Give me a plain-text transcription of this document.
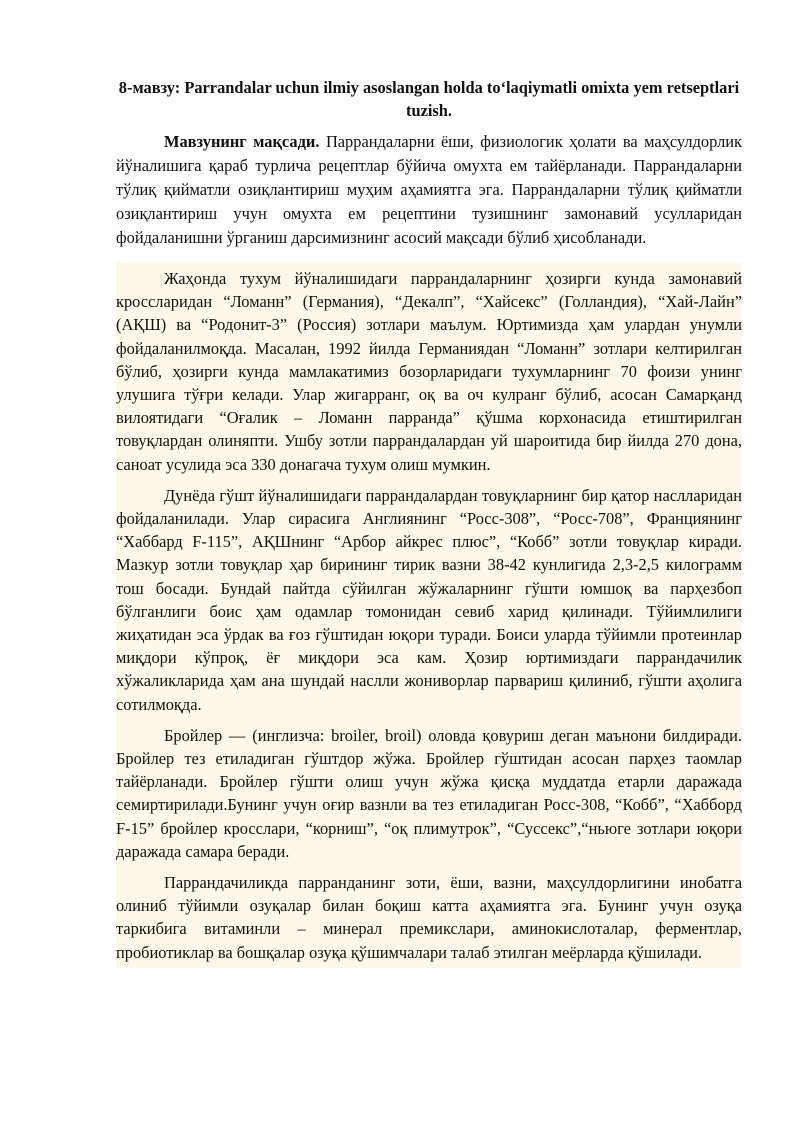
8-мавзу: Parrandalar uchun ilmiy asoslangan holda to‘laqiymatli omixta yem retseptlari tuzish.

Мавзунинг мақсади. Паррандаларни ёши, физиологик ҳолати ва маҳсулдорлик йўналишига қараб турлича рецептлар бўйича омухта ем тайёрланади. Паррандаларни тўлиқ қийматли озиқлантириш муҳим аҳамиятга эга. Паррандаларни тўлиқ қийматли озиқлантириш учун омухта ем рецептини тузишнинг замонавий усулларидан фойдаланишни ўрганиш дарсимизнинг асосий мақсади бўлиб ҳисобланади.

Жаҳонда тухум йўналишидаги паррандаларнинг ҳозирги кунда замонавий кроссларидан “Ломанн” (Германия), “Декалп”, “Хайсекс” (Голландия), “Хай-Лайн” (АҚШ) ва “Родонит-3” (Россия) зотлари маълум. Юртимизда ҳам улардан унумли фойдаланилмоқда. Масалан, 1992 йилда Германиядан “Ломанн” зотлари келтирилган бўлиб, ҳозирги кунда мамлакатимиз бозорларидаги тухумларнинг 70 фоизи унинг улушига тўғри келади. Улар жигарранг, оқ ва оч кулранг бўлиб, асосан Самарқанд вилоятидаги “Оғалик – Ломанн парранда” қўшма корхонасида етиштирилган товуқлардан олиняпти. Ушбу зотли паррандалардан уй шароитида бир йилда 270 дона, саноат усулида эса 330 донагача тухум олиш мумкин.

Дунёда гўшт йўналишидаги паррандалардан товуқларнинг бир қатор наслларидан фойдаланилади. Улар сирасига Англиянинг “Росс-308”, “Росс-708”, Франциянинг “Хаббард F-115”, АҚШнинг “Арбор айкрес плюс”, “Кобб” зотли товуқлар киради. Мазкур зотли товуқлар ҳар бирининг тирик вазни 38-42 кунлигида 2,3-2,5 килограмм тош босади. Бундай пайтда сўйилган жўжаларнинг гўшти юмшоқ ва парҳезбоп бўлганлиги боис ҳам одамлар томонидан севиб харид қилинади. Тўйимлилиги жиҳатидан эса ўрдак ва ғоз гўштидан юқори туради. Боиси уларда тўйимли протеинлар миқдори кўпроқ, ёғ миқдори эса кам. Ҳозир юртимиздаги паррандачилик хўжаликларида ҳам ана шундай наслли жониворлар парвариш қилиниб, гўшти аҳолига сотилмоқда.

Бройлер — (инглизча: broiler, broil) оловда қовуриш деган маънони билдиради. Бройлер тез етиладиган гўштдор жўжа. Бройлер гўштидан асосан парҳез таомлар тайёрланади. Бройлер гўшти олиш учун жўжа қисқа муддатда етарли даражада семиртирилади.Бунинг учун оғир вазнли ва тез етиладиган Росс-308, “Кобб”, “Хабборд F-15” бройлер кросслари, “корниш”, “оқ плимутрок”, “Суссекс”,“ньюге зотлари юқори даражада самара беради.

Паррандачиликда парранданинг зоти, ёши, вазни, маҳсулдорлигини инобатга олиниб тўйимли озуқалар билан боқиш катта аҳамиятга эга. Бунинг учун озуқа таркибига витаминли – минерал премикслари, аминокислоталар, ферментлар, пробиотиклар ва бошқалар озуқа қўшимчалари талаб этилган меёрларда қўшилади.
